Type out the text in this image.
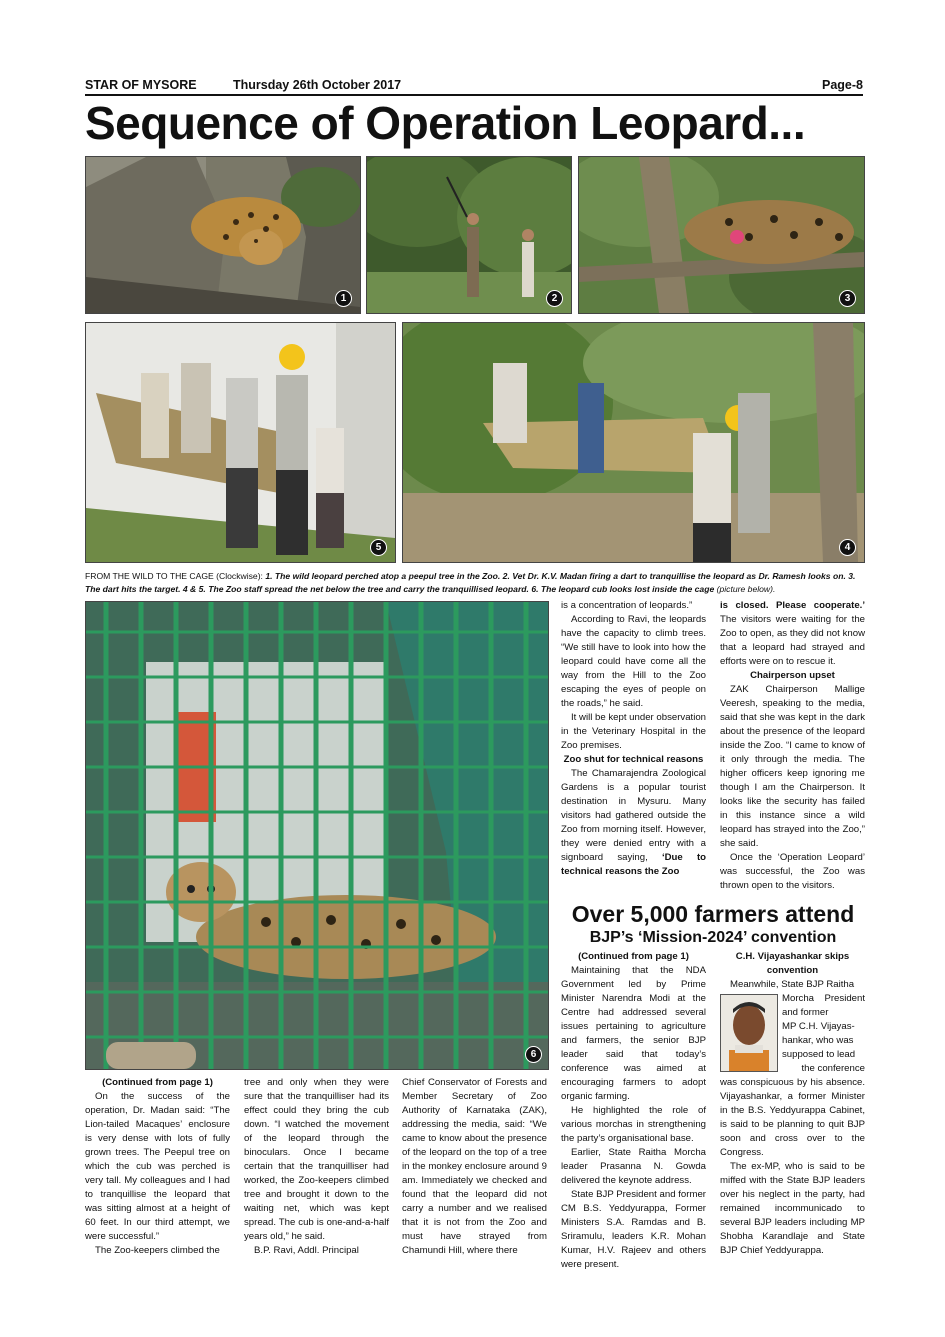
STAR OF MYSORE	Thursday 26th October 2017	Page-8
Sequence of Operation Leopard...
1	2	3
5	4
FROM THE WILD TO THE CAGE (Clockwise): 1. The wild leopard perched atop a peepul tree in the Zoo. 2. Vet Dr. K.V. Madan firing a dart to tranquillise the leopard as Dr. Ramesh looks on. 3. The dart hits the target. 4 & 5. The Zoo staff spread the net below the tree and carry the tranquillised leopard. 6. The leopard cub looks lost inside the cage (picture below).
6

(Continued from page 1)

On the success of the operation, Dr. Madan said: “The Lion-tailed Macaques’ enclosure is very dense with lots of fully grown trees. The Peepul tree on which the cub was perched is very tall. My colleagues and I had to tranquillise the leopard that was sitting almost at a height of 60 feet. In our third attempt, we were successful.”

The Zoo-keepers climbed the

tree and only when they were sure that the tranquilliser had its effect could they bring the cub down. “I watched the movement of the leopard through the binoculars. Once I became certain that the tranquilliser had worked, the Zoo-keepers climbed tree and brought it down to the waiting net, which was kept spread. The cub is one-and-a-half years old,” he said.

B.P. Ravi, Addl. Principal

Chief Conservator of Forests and Member Secretary of Zoo Authority of Karnataka (ZAK), addressing the media, said: “We came to know about the presence of the leopard on the top of a tree in the monkey enclosure around 9 am. Immediately we checked and found that the leopard did not carry a number and we realised that it is not from the Zoo and must have strayed from Chamundi Hill, where there

is a concentration of leopards.”

According to Ravi, the leopards have the capacity to climb trees. “We still have to look into how the leopard could have come all the way from the Hill to the Zoo escaping the eyes of people on the roads,” he said.

It will be kept under observation in the Veterinary Hospital in the Zoo premises.

Zoo shut for technical reasons

The Chamarajendra Zoological Gardens is a popular tourist destination in Mysuru. Many visitors had gathered outside the Zoo from morning itself. However, they were denied entry with a signboard saying, ‘Due to technical reasons the Zoo

is closed. Please cooperate.’ The visitors were waiting for the Zoo to open, as they did not know that a leopard had strayed and efforts were on to rescue it.

Chairperson upset

ZAK Chairperson Mallige Veeresh, speaking to the media, said that she was kept in the dark about the presence of the leopard inside the Zoo. “I came to know of it only through the media. The higher officers keep ignoring me though I am the Chairperson. It looks like the security has failed in this instance since a wild leopard has strayed into the Zoo,” she said.

Once the ‘Operation Leopard’ was successful, the Zoo was thrown open to the visitors.

Over 5,000 farmers attend
BJP’s ‘Mission-2024’ convention

(Continued from page 1)

Maintaining that the NDA Government led by Prime Minister Narendra Modi at the Centre had addressed several issues pertaining to agriculture and farmers, the senior BJP leader said that today’s conference was aimed at encouraging farmers to adopt organic farming.

He highlighted the role of various morchas in strengthening the party’s organisational base.

Earlier, State Raitha Morcha leader Prasanna N. Gowda delivered the keynote address.

State BJP President and former CM B.S. Yeddyurappa, Former Ministers S.A. Ramdas and B. Sriramulu, leaders K.R. Mohan Kumar, H.V. Rajeev and others were present.

C.H. Vijayashankar skips convention

Meanwhile, State BJP Raitha

Morcha President and former
MP C.H. Vijayas-
hankar, who was
supposed to lead
the conference

was conspicuous by his absence. Vijayashankar, a former Minister in the B.S. Yeddyurappa Cabinet, is said to be planning to quit BJP soon and cross over to the Congress.

The ex-MP, who is said to be miffed with the State BJP leaders over his neglect in the party, had remained incommunicado to several BJP leaders including MP Shobha Karandlaje and State BJP Chief Yeddyurappa.
